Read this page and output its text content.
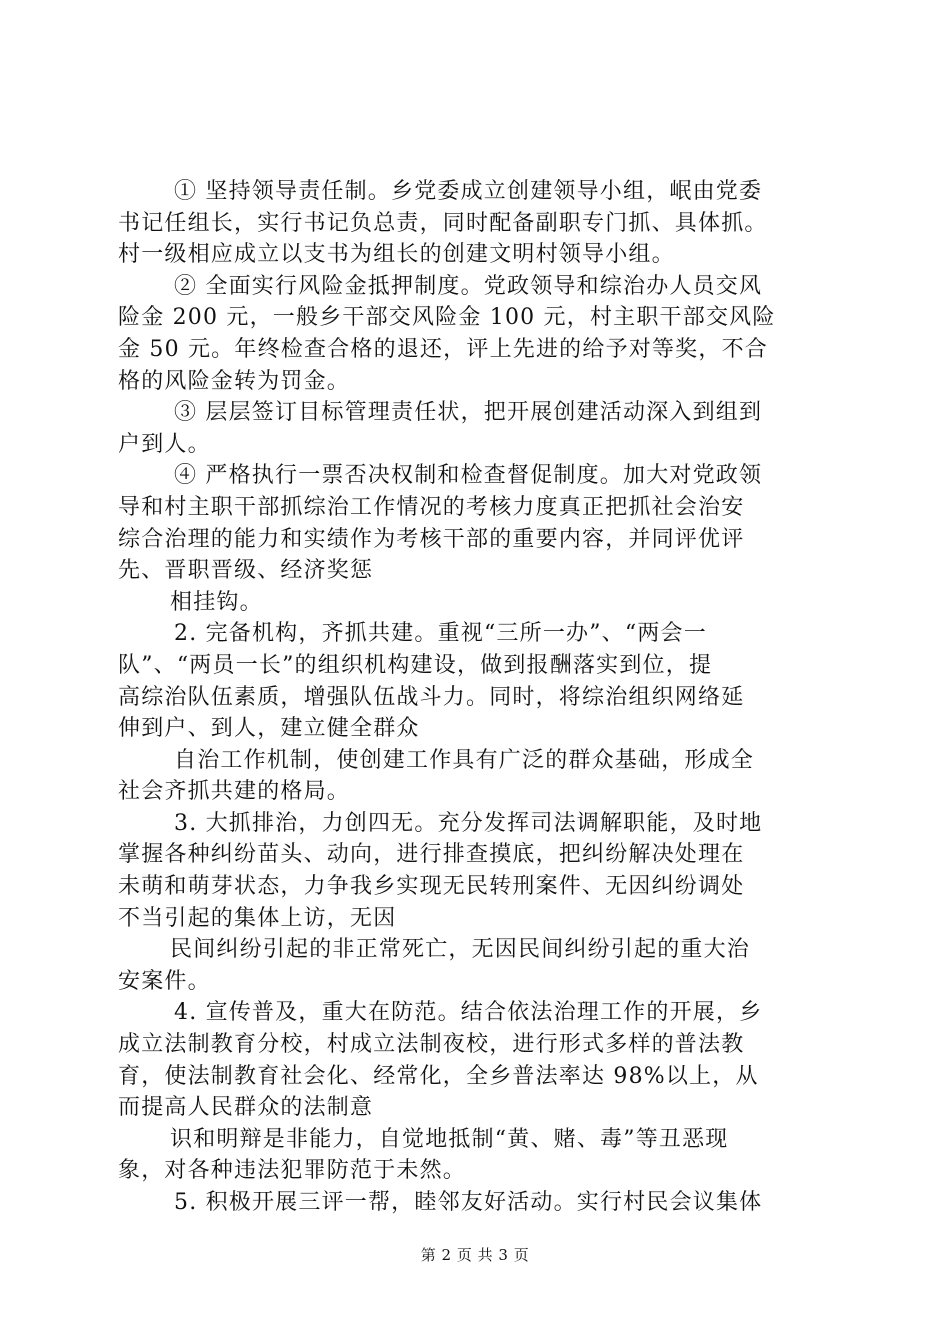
① 坚持领导责任制。乡党委成立创建领导小组，岷由党委
书记任组长，实行书记负总责，同时配备副职专门抓、具体抓。
村一级相应成立以支书为组长的创建文明村领导小组。
② 全面实行风险金抵押制度。党政领导和综治办人员交风
险金 200 元，一般乡干部交风险金 100 元，村主职干部交风险
金 50 元。年终检查合格的退还，评上先进的给予对等奖，不合
格的风险金转为罚金。
③ 层层签订目标管理责任状，把开展创建活动深入到组到
户到人。
④ 严格执行一票否决权制和检查督促制度。加大对党政领
导和村主职干部抓综治工作情况的考核力度真正把抓社会治安
综合治理的能力和实绩作为考核干部的重要内容，并同评优评
先、晋职晋级、经济奖惩
相挂钩。
2. 完备机构，齐抓共建。重视“三所一办”、“两会一
队”、“两员一长”的组织机构建设，做到报酬落实到位，提
高综治队伍素质，增强队伍战斗力。同时，将综治组织网络延
伸到户、到人，建立健全群众
自治工作机制，使创建工作具有广泛的群众基础，形成全
社会齐抓共建的格局。
3. 大抓排治，力创四无。充分发挥司法调解职能，及时地
掌握各种纠纷苗头、动向，进行排查摸底，把纠纷解决处理在
未萌和萌芽状态，力争我乡实现无民转刑案件、无因纠纷调处
不当引起的集体上访，无因
民间纠纷引起的非正常死亡，无因民间纠纷引起的重大治
安案件。
4. 宣传普及，重大在防范。结合依法治理工作的开展，乡
成立法制教育分校，村成立法制夜校，进行形式多样的普法教
育，使法制教育社会化、经常化，全乡普法率达 98%以上，从
而提高人民群众的法制意
识和明辩是非能力，自觉地抵制“黄、赌、毒”等丑恶现
象，对各种违法犯罪防范于未然。
5. 积极开展三评一帮，睦邻友好活动。实行村民会议集体
第 2 页 共 3 页
